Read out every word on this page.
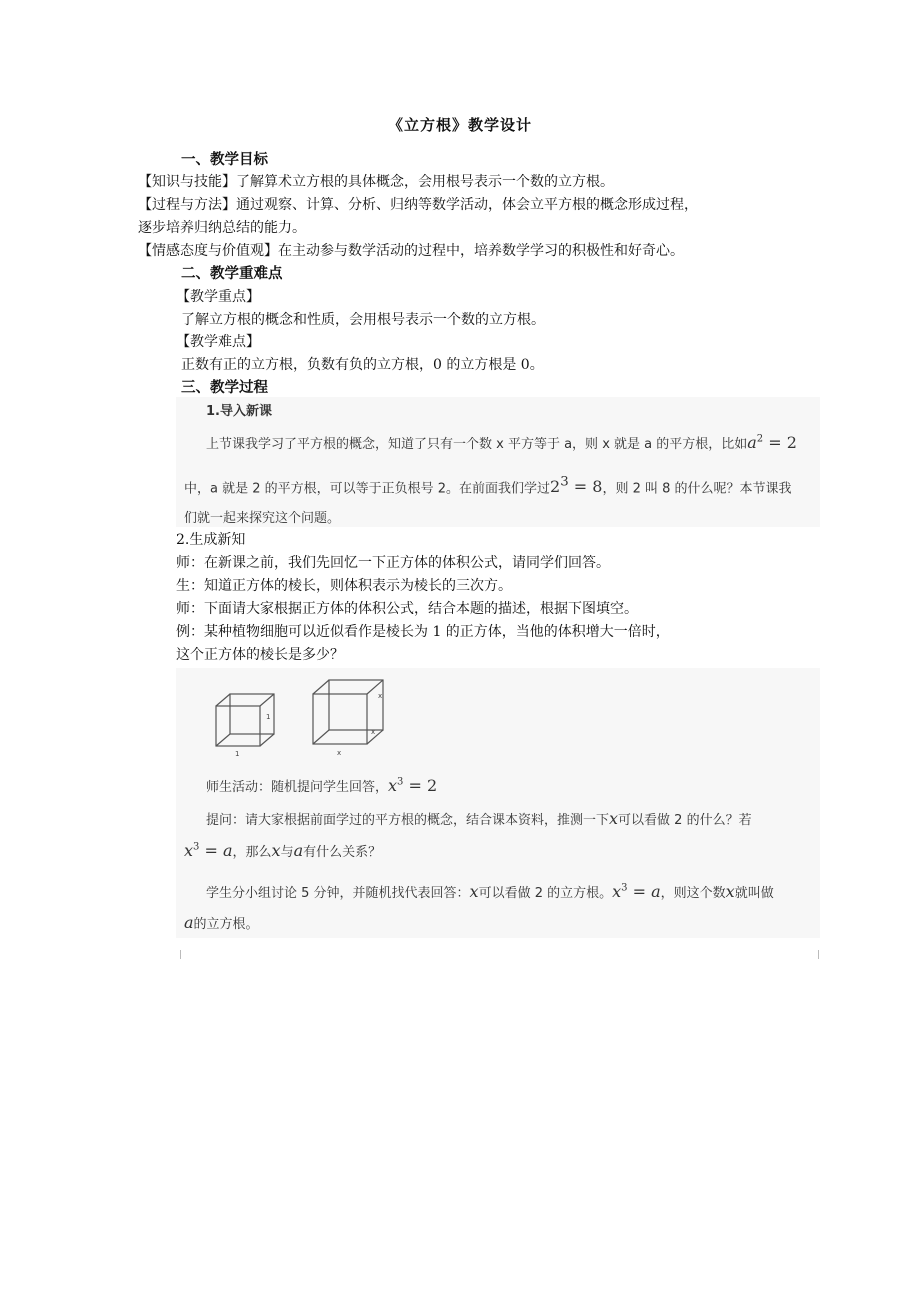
《立方根》教学设计
一、教学目标
【知识与技能】了解算术立方根的具体概念，会用根号表示一个数的立方根。
【过程与方法】通过观察、计算、分析、归纳等数学活动，体会立平方根的概念形成过程，
逐步培养归纳总结的能力。
【情感态度与价值观】在主动参与数学活动的过程中，培养数学学习的积极性和好奇心。
二、教学重难点
【教学重点】
了解立方根的概念和性质，会用根号表示一个数的立方根。
【教学难点】
正数有正的立方根，负数有负的立方根，0 的立方根是 0。
三、教学过程
1.导入新课
上节课我学习了平方根的概念，知道了只有一个数 x 平方等于 a，则 x 就是 a 的平方根，比如$a^2 = 2$
中，a 就是 2 的平方根，可以等于正负根号 2。在前面我们学过$2^3 = 8$，则 2 叫 8 的什么呢？本节课我
们就一起来探究这个问题。
2.生成新知
师：在新课之前，我们先回忆一下正方体的体积公式，请同学们回答。
生：知道正方体的棱长，则体积表示为棱长的三次方。
师：下面请大家根据正方体的体积公式，结合本题的描述，根据下图填空。
例：某种植物细胞可以近似看作是棱长为 1 的正方体，当他的体积增大一倍时，
这个正方体的棱长是多少？
1
1
x
x
x
师生活动：随机提问学生回答，$x^3 = 2$
提问：请大家根据前面学过的平方根的概念，结合课本资料，推测一下x可以看做 2 的什么？若
$x^3 = a$，那么x与a有什么关系？
学生分小组讨论 5 分钟，并随机找代表回答：x可以看做 2 的立方根。$x^3 = a$，则这个数x就叫做
a的立方根。
